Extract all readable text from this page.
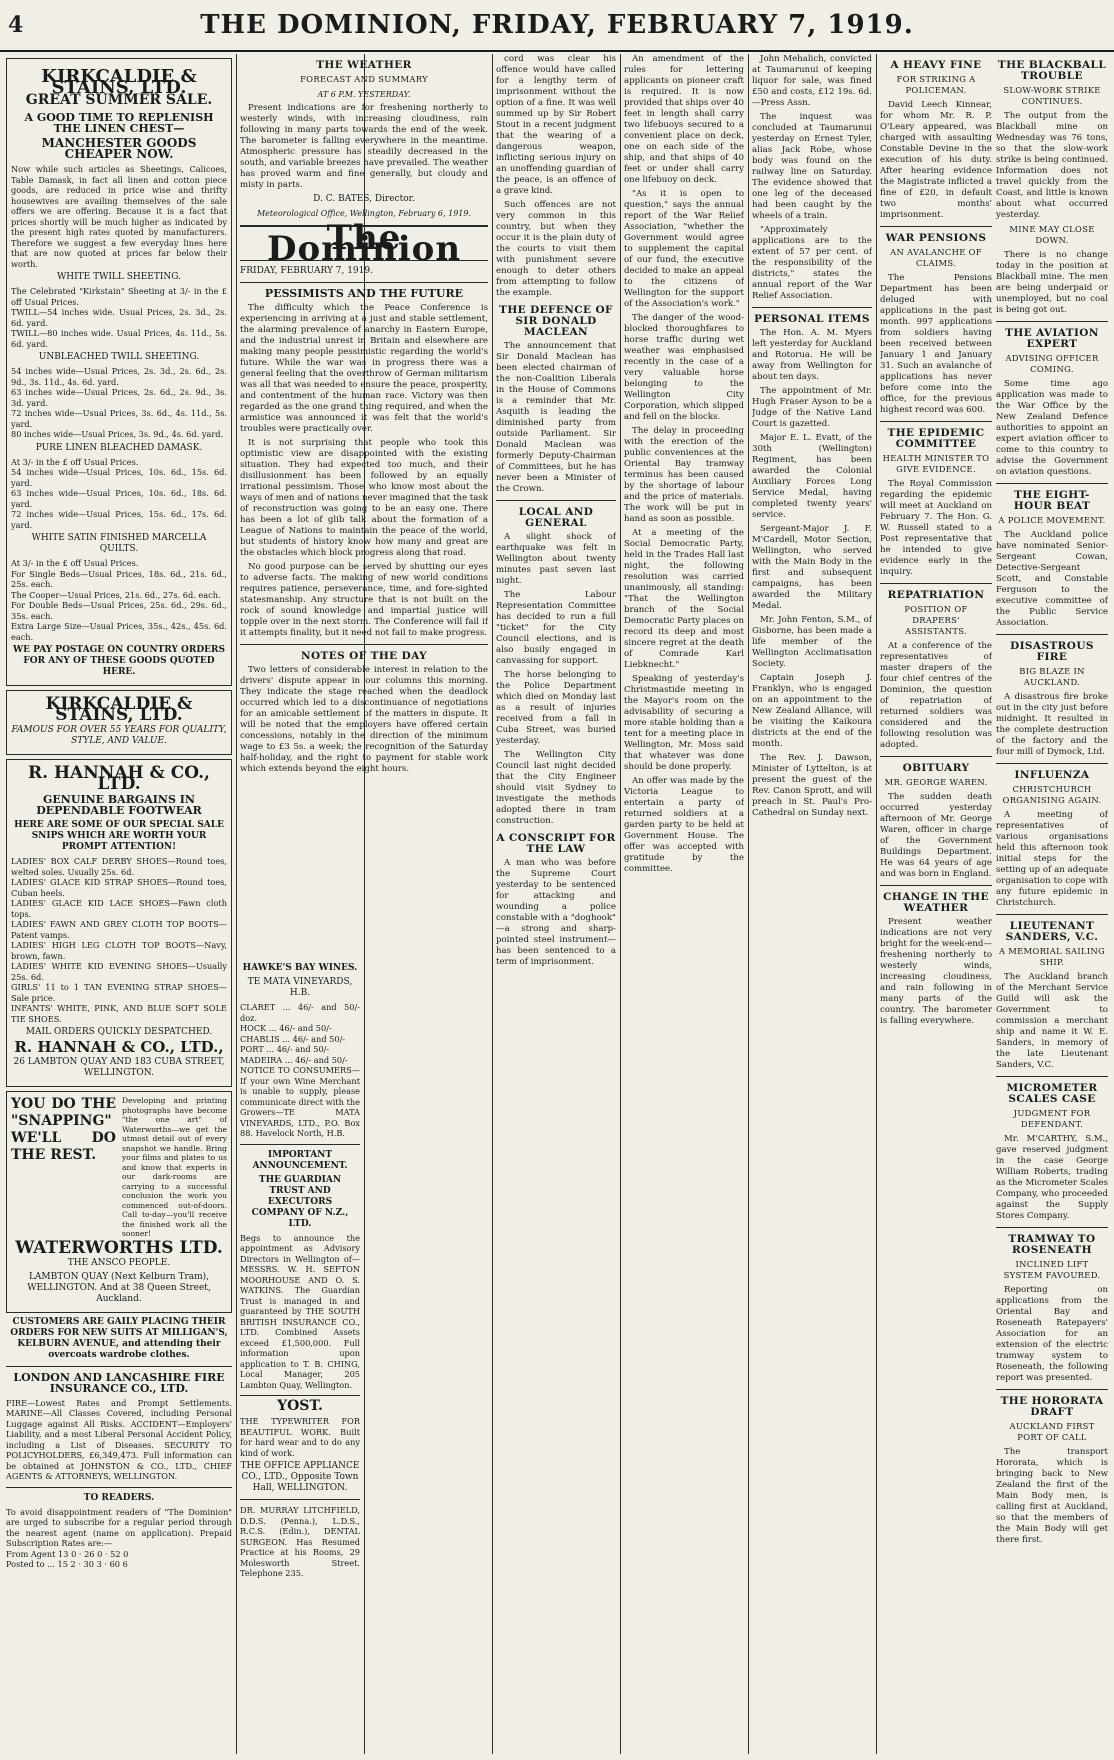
4	THE DOMINION, FRIDAY, FEBRUARY 7, 1919.
KIRKCALDIE & STAINS, LTD.
GREAT SUMMER SALE.
A GOOD TIME TO REPLENISH THE LINEN CHEST—
MANCHESTER GOODS CHEAPER NOW.
Now while such articles as Sheetings, Calicoes, Table Damask, in fact all linen and cotton piece goods, are reduced in price wise and thrifty housewives are availing themselves of the sale offers we are offering. Because it is a fact that prices shortly will be much higher as indicated by the present high rates quoted by manufacturers. Therefore we suggest a few everyday lines here that are now quoted at prices far below their worth.
WHITE TWILL SHEETING.
The Celebrated "Kirkstain" Sheeting at 3/- in the £ off Usual Prices.
TWILL—54 inches wide. Usual Prices, 2s. 3d., 2s. 6d. yard.
TWILL—80 inches wide. Usual Prices, 4s. 11d., 5s. 6d. yard.
UNBLEACHED TWILL SHEETING.
54 inches wide—Usual Prices, 2s. 3d., 2s. 6d., 2s. 9d., 3s. 11d., 4s. 6d. yard.
63 inches wide—Usual Prices, 2s. 6d., 2s. 9d., 3s. 3d. yard.
72 inches wide—Usual Prices, 3s. 6d., 4s. 11d., 5s. yard.
80 inches wide—Usual Prices, 3s. 9d., 4s. 6d. yard.
PURE LINEN BLEACHED DAMASK.
At 3/- in the £ off Usual Prices.
54 inches wide—Usual Prices, 10s. 6d., 15s. 6d. yard.
63 inches wide—Usual Prices, 10s. 6d., 18s. 6d. yard.
72 inches wide—Usual Prices, 15s. 6d., 17s. 6d. yard.
WHITE SATIN FINISHED MARCELLA QUILTS.
At 3/- in the £ off Usual Prices.
For Single Beds—Usual Prices, 18s. 6d., 21s. 6d., 25s. each.
The Cooper—Usual Prices, 21s. 6d., 27s. 6d. each.
For Double Beds—Usual Prices, 25s. 6d., 29s. 6d., 35s. each.
Extra Large Size—Usual Prices, 35s., 42s., 45s. 6d. each.
WE PAY POSTAGE ON COUNTRY ORDERS FOR ANY OF THESE GOODS QUOTED HERE.
KIRKCALDIE & STAINS, LTD.
FAMOUS FOR OVER 55 YEARS FOR QUALITY, STYLE, AND VALUE.
R. HANNAH & CO., LTD.
GENUINE BARGAINS IN DEPENDABLE FOOTWEAR
HERE ARE SOME OF OUR SPECIAL SALE SNIPS WHICH ARE WORTH YOUR PROMPT ATTENTION!
LADIES' BOX CALF DERBY SHOES—Round toes, welted soles. Usually 25s. 6d.
LADIES' GLACE KID STRAP SHOES—Round toes, Cuban heels.
LADIES' GLACE KID LACE SHOES—Fawn cloth tops.
LADIES' FAWN AND GREY CLOTH TOP BOOTS—Patent vamps.
LADIES' HIGH LEG CLOTH TOP BOOTS—Navy, brown, fawn.
LADIES' WHITE KID EVENING SHOES—Usually 25s. 6d.
GIRLS' 11 to 1 TAN EVENING STRAP SHOES—Sale price.
INFANTS' WHITE, PINK, AND BLUE SOFT SOLE TIE SHOES.
MAIL ORDERS QUICKLY DESPATCHED.
R. HANNAH & CO., LTD.,
26 LAMBTON QUAY AND 183 CUBA STREET, WELLINGTON.
YOU DO THE "SNAPPING" WE'LL DO THE REST.
Developing and printing photographs have become "the one art" of Waterworths—we get the utmost detail out of every snapshot we handle. Bring your films and plates to us and know that experts in our dark-rooms are carrying to a successful conclusion the work you commenced out-of-doors. Call to-day—you'll receive the finished work all the sooner!
WATERWORTHS LTD.
THE ANSCO PEOPLE.
LAMBTON QUAY (Next Kelburn Tram), WELLINGTON. And at 38 Queen Street, Auckland.
CUSTOMERS ARE GAILY PLACING THEIR ORDERS FOR NEW SUITS AT MILLIGAN'S, KELBURN AVENUE, and attending their overcoats wardrobe clothes.
LONDON AND LANCASHIRE FIRE INSURANCE CO., LTD.
FIRE—Lowest Rates and Prompt Settlements. MARINE—All Classes Covered, including Personal Luggage against All Risks. ACCIDENT—Employers' Liability, and a most Liberal Personal Accident Policy, including a List of Diseases. SECURITY TO POLICYHOLDERS, £6,349,473. Full information can be obtained at JOHNSTON & CO., LTD., CHIEF AGENTS & ATTORNEYS, WELLINGTON.
TO READERS.
To avoid disappointment readers of "The Dominion" are urged to subscribe for a regular period through the nearest agent (name on application). Prepaid Subscription Rates are:—
From Agent 13 0 · 26 0 · 52 0
Posted to ... 15 2 · 30 3 · 60 6
HAWKE'S BAY WINES.
TE MATA VINEYARDS, H.B.
CLARET ... 46/- and 50/- doz.
HOCK ... 46/- and 50/-
CHABLIS ... 46/- and 50/-
PORT ... 46/- and 50/-
MADEIRA ... 46/- and 50/-
NOTICE TO CONSUMERS—If your own Wine Merchant is unable to supply, please communicate direct with the Growers—TE MATA VINEYARDS, LTD., P.O. Box 88. Havelock North, H.B.
IMPORTANT ANNOUNCEMENT.
THE GUARDIAN TRUST AND EXECUTORS COMPANY OF N.Z., LTD.
Begs to announce the appointment as Advisory Directors in Wellington of—MESSRS. W. H. SEFTON MOORHOUSE AND O. S. WATKINS. The Guardian Trust is managed in and guaranteed by THE SOUTH BRITISH INSURANCE CO., LTD. Combined Assets exceed £1,500,000. Full information upon application to T. B. CHING, Local Manager, 205 Lambton Quay, Wellington.
YOST.
THE TYPEWRITER FOR BEAUTIFUL WORK. Built for hard wear and to do any kind of work.
THE OFFICE APPLIANCE CO., LTD., Opposite Town Hall, WELLINGTON.
DR. MURRAY LITCHFIELD, D.D.S. (Penna.), L.D.S., R.C.S. (Edin.), DENTAL SURGEON. Has Resumed Practice at his Rooms, 29 Molesworth Street. Telephone 235.
THE WEATHER
FORECAST AND SUMMARY
AT 6 P.M. YESTERDAY.

Present indications are for freshening northerly to westerly winds, with increasing cloudiness, rain following in many parts towards the end of the week. The barometer is falling everywhere in the meantime. Atmospheric pressure has steadily decreased in the south, and variable breezes have prevailed. The weather has proved warm and fine generally, but cloudy and misty in parts.

D. C. BATES, Director.
Meteorological Office, Wellington, February 6, 1919.
The Dominion
FRIDAY, FEBRUARY 7, 1919.
PESSIMISTS AND THE FUTURE

The difficulty which the Peace Conference is experiencing in arriving at a just and stable settlement, the alarming prevalence of anarchy in Eastern Europe, and the industrial unrest in Britain and elsewhere are making many people pessimistic regarding the world's future. While the war was in progress there was a general feeling that the overthrow of German militarism was all that was needed to ensure the peace, prosperity, and contentment of the human race. Victory was then regarded as the one grand thing required, and when the armistice was announced it was felt that the world's troubles were practically over.

It is not surprising that people who took this optimistic view are disappointed with the existing situation. They had expected too much, and their disillusionment has been followed by an equally irrational pessimism. Those who know most about the ways of men and of nations never imagined that the task of reconstruction was going to be an easy one. There has been a lot of glib talk about the formation of a League of Nations to maintain the peace of the world, but students of history know how many and great are the obstacles which block progress along that road.

No good purpose can be served by shutting our eyes to adverse facts. The making of new world conditions requires patience, perseverance, time, and fore-sighted statesmanship. Any structure that is not built on the rock of sound knowledge and impartial justice will topple over in the next storm. The Conference will fail if it attempts finality, but it need not fail to make progress.

NOTES OF THE DAY

Two letters of considerable interest in relation to the drivers' dispute appear in our columns this morning. They indicate the stage reached when the deadlock occurred which led to a discontinuance of negotiations for an amicable settlement of the matters in dispute. It will be noted that the employers have offered certain concessions, notably in the direction of the minimum wage to £3 5s. a week; the recognition of the Saturday half-holiday, and the right to payment for stable work which extends beyond the eight hours.

cord was clear his offence would have called for a lengthy term of imprisonment without the option of a fine. It was well summed up by Sir Robert Stout in a recent judgment that the wearing of a dangerous weapon, inflicting serious injury on an unoffending guardian of the peace, is an offence of a grave kind.

Such offences are not very common in this country, but when they occur it is the plain duty of the courts to visit them with punishment severe enough to deter others from attempting to follow the example.

THE DEFENCE OF SIR DONALD MACLEAN

The announcement that Sir Donald Maclean has been elected chairman of the non-Coalition Liberals in the House of Commons is a reminder that Mr. Asquith is leading the diminished party from outside Parliament. Sir Donald Maclean was formerly Deputy-Chairman of Committees, but he has never been a Minister of the Crown.

LOCAL AND GENERAL

A slight shock of earthquake was felt in Wellington about twenty minutes past seven last night.

The Labour Representation Committee has decided to run a full "ticket" for the City Council elections, and is also busily engaged in canvassing for support.

The horse belonging to the Police Department which died on Monday last as a result of injuries received from a fall in Cuba Street, was buried yesterday.

The Wellington City Council last night decided that the City Engineer should visit Sydney to investigate the methods adopted there in tram construction.

A CONSCRIPT FOR THE LAW

A man who was before the Supreme Court yesterday to be sentenced for attacking and wounding a police constable with a "doghook" —a strong and sharp-pointed steel instrument—has been sentenced to a term of imprisonment.

An amendment of the rules for lettering applicants on pioneer craft is required. It is now provided that ships over 40 feet in length shall carry two lifebuoys secured to a convenient place on deck, one on each side of the ship, and that ships of 40 feet or under shall carry one lifebuoy on deck.

"As it is open to question," says the annual report of the War Relief Association, "whether the Government would agree to supplement the capital of our fund, the executive decided to make an appeal to the citizens of Wellington for the support of the Association's work."

The danger of the wood-blocked thoroughfares to horse traffic during wet weather was emphasised recently in the case of a very valuable horse belonging to the Wellington City Corporation, which slipped and fell on the blocks.

The delay in proceeding with the erection of the public conveniences at the Oriental Bay tramway terminus has been caused by the shortage of labour and the price of materials. The work will be put in hand as soon as possible.

At a meeting of the Social Democratic Party, held in the Trades Hall last night, the following resolution was carried unanimously, all standing: "That the Wellington branch of the Social Democratic Party places on record its deep and most sincere regret at the death of Comrade Karl Liebknecht."

Speaking of yesterday's Christmastide meeting in the Mayor's room on the advisability of securing a more stable holding than a tent for a meeting place in Wellington, Mr. Moss said that whatever was done should be done properly.

An offer was made by the Victoria League to entertain a party of returned soldiers at a garden party to be held at Government House. The offer was accepted with gratitude by the committee.

John Mehalich, convicted at Taumarunui of keeping liquor for sale, was fined £50 and costs, £12 19s. 6d.—Press Assn.

The inquest was concluded at Taumarunui yesterday on Ernest Tyler, alias Jack Robe, whose body was found on the railway line on Saturday. The evidence showed that one leg of the deceased had been caught by the wheels of a train.

"Approximately applications are to the extent of 57 per cent. of the responsibility of the districts," states the annual report of the War Relief Association.

PERSONAL ITEMS

The Hon. A. M. Myers left yesterday for Auckland and Rotorua. He will be away from Wellington for about ten days.

The appointment of Mr. Hugh Fraser Ayson to be a Judge of the Native Land Court is gazetted.

Major E. L. Evatt, of the 30th (Wellington) Regiment, has been awarded the Colonial Auxiliary Forces Long Service Medal, having completed twenty years' service.

Sergeant-Major J. F. M'Cardell, Motor Section, Wellington, who served with the Main Body in the first and subsequent campaigns, has been awarded the Military Medal.

Mr. John Fenton, S.M., of Gisborne, has been made a life member of the Wellington Acclimatisation Society.

Captain Joseph J. Franklyn, who is engaged on an appointment to the New Zealand Alliance, will be visiting the Kaikoura districts at the end of the month.

The Rev. J. Dawson, Minister of Lyttelton, is at present the guest of the Rev. Canon Sprott, and will preach in St. Paul's Pro-Cathedral on Sunday next.

A HEAVY FINE
FOR STRIKING A POLICEMAN.

David Leech Kinnear, for whom Mr. R. P. O'Leary appeared, was charged with assaulting Constable Devine in the execution of his duty. After hearing evidence the Magistrate inflicted a fine of £20, in default two months' imprisonment.

WAR PENSIONS
AN AVALANCHE OF CLAIMS.

The Pensions Department has been deluged with applications in the past month. 997 applications from soldiers having been received between January 1 and January 31. Such an avalanche of applications has never before come into the office, for the previous highest record was 600.

THE EPIDEMIC COMMITTEE
HEALTH MINISTER TO GIVE EVIDENCE.

The Royal Commission regarding the epidemic will meet at Auckland on February 7. The Hon. G. W. Russell stated to a Post representative that he intended to give evidence early in the inquiry.

REPATRIATION
POSITION OF DRAPERS' ASSISTANTS.

At a conference of the representatives of master drapers of the four chief centres of the Dominion, the question of repatriation of returned soldiers was considered and the following resolution was adopted.

OBITUARY
MR. GEORGE WAREN.

The sudden death occurred yesterday afternoon of Mr. George Waren, officer in charge of the Government Buildings Department. He was 64 years of age and was born in England.

CHANGE IN THE WEATHER

Present weather indications are not very bright for the week-end—freshening northerly to westerly winds, increasing cloudiness, and rain following in many parts of the country. The barometer is falling everywhere.

THE BLACKBALL TROUBLE
SLOW-WORK STRIKE CONTINUES.

The output from the Blackball mine on Wednesday was 76 tons, so that the slow-work strike is being continued. Information does not travel quickly from the Coast, and little is known about what occurred yesterday.

MINE MAY CLOSE DOWN.

There is no change today in the position at Blackball mine. The men are being underpaid or unemployed, but no coal is being got out.

THE AVIATION EXPERT
ADVISING OFFICER COMING.

Some time ago application was made to the War Office by the New Zealand Defence authorities to appoint an expert aviation officer to come to this country to advise the Government on aviation questions.

THE EIGHT-HOUR BEAT
A POLICE MOVEMENT.

The Auckland police have nominated Senior-Sergeant Cowan, Detective-Sergeant Scott, and Constable Ferguson to the executive committee of the Public Service Association.

DISASTROUS FIRE
BIG BLAZE IN AUCKLAND.

A disastrous fire broke out in the city just before midnight. It resulted in the complete destruction of the factory and the four mill of Dymock, Ltd.

INFLUENZA
CHRISTCHURCH ORGANISING AGAIN.

A meeting of representatives of various organisations held this afternoon took initial steps for the setting up of an adequate organisation to cope with any future epidemic in Christchurch.

LIEUTENANT SANDERS, V.C.
A MEMORIAL SAILING SHIP.

The Auckland branch of the Merchant Service Guild will ask the Government to commission a merchant ship and name it W. E. Sanders, in memory of the late Lieutenant Sanders, V.C.

MICROMETER SCALES CASE
JUDGMENT FOR DEFENDANT.

Mr. M'CARTHY, S.M., gave reserved judgment in the case George William Roberts, trading as the Micrometer Scales Company, who proceeded against the Supply Stores Company.

TRAMWAY TO ROSENEATH
INCLINED LIFT SYSTEM FAVOURED.

Reporting on applications from the Oriental Bay and Roseneath Ratepayers' Association for an extension of the electric tramway system to Roseneath, the following report was presented.

THE HORORATA DRAFT
AUCKLAND FIRST PORT OF CALL

The transport Hororata, which is bringing back to New Zealand the first of the Main Body men, is calling first at Auckland, so that the members of the Main Body will get there first.
